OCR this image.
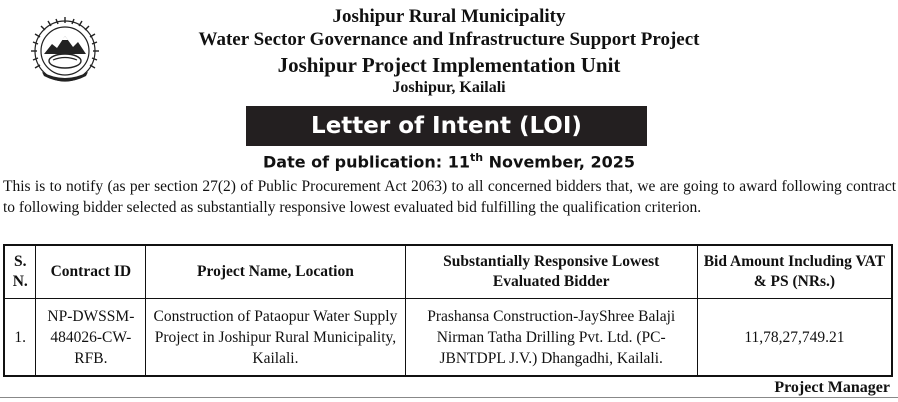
Joshipur Rural Municipality
Water Sector Governance and Infrastructure Support Project
Joshipur Project Implementation Unit
Joshipur, Kailali
Letter of Intent (LOI)
Date of publication: 11th November, 2025
This is to notify (as per section 27(2) of Public Procurement Act 2063) to all concerned bidders that, we are going to award following contract to following bidder selected as substantially responsive lowest evaluated bid fulfilling the qualification criterion.
S. N.	Contract ID	Project Name, Location	Substantially Responsive Lowest Evaluated Bidder	Bid Amount Including VAT & PS (NRs.)
1.	NP-DWSSM-484026-CW-RFB.	Construction of Pataopur Water Supply Project in Joshipur Rural Municipality, Kailali.	Prashansa Construction-JayShree Balaji Nirman Tatha Drilling Pvt. Ltd. (PC-JBNTDPL J.V.) Dhangadhi, Kailali.	11,78,27,749.21
Project Manager
